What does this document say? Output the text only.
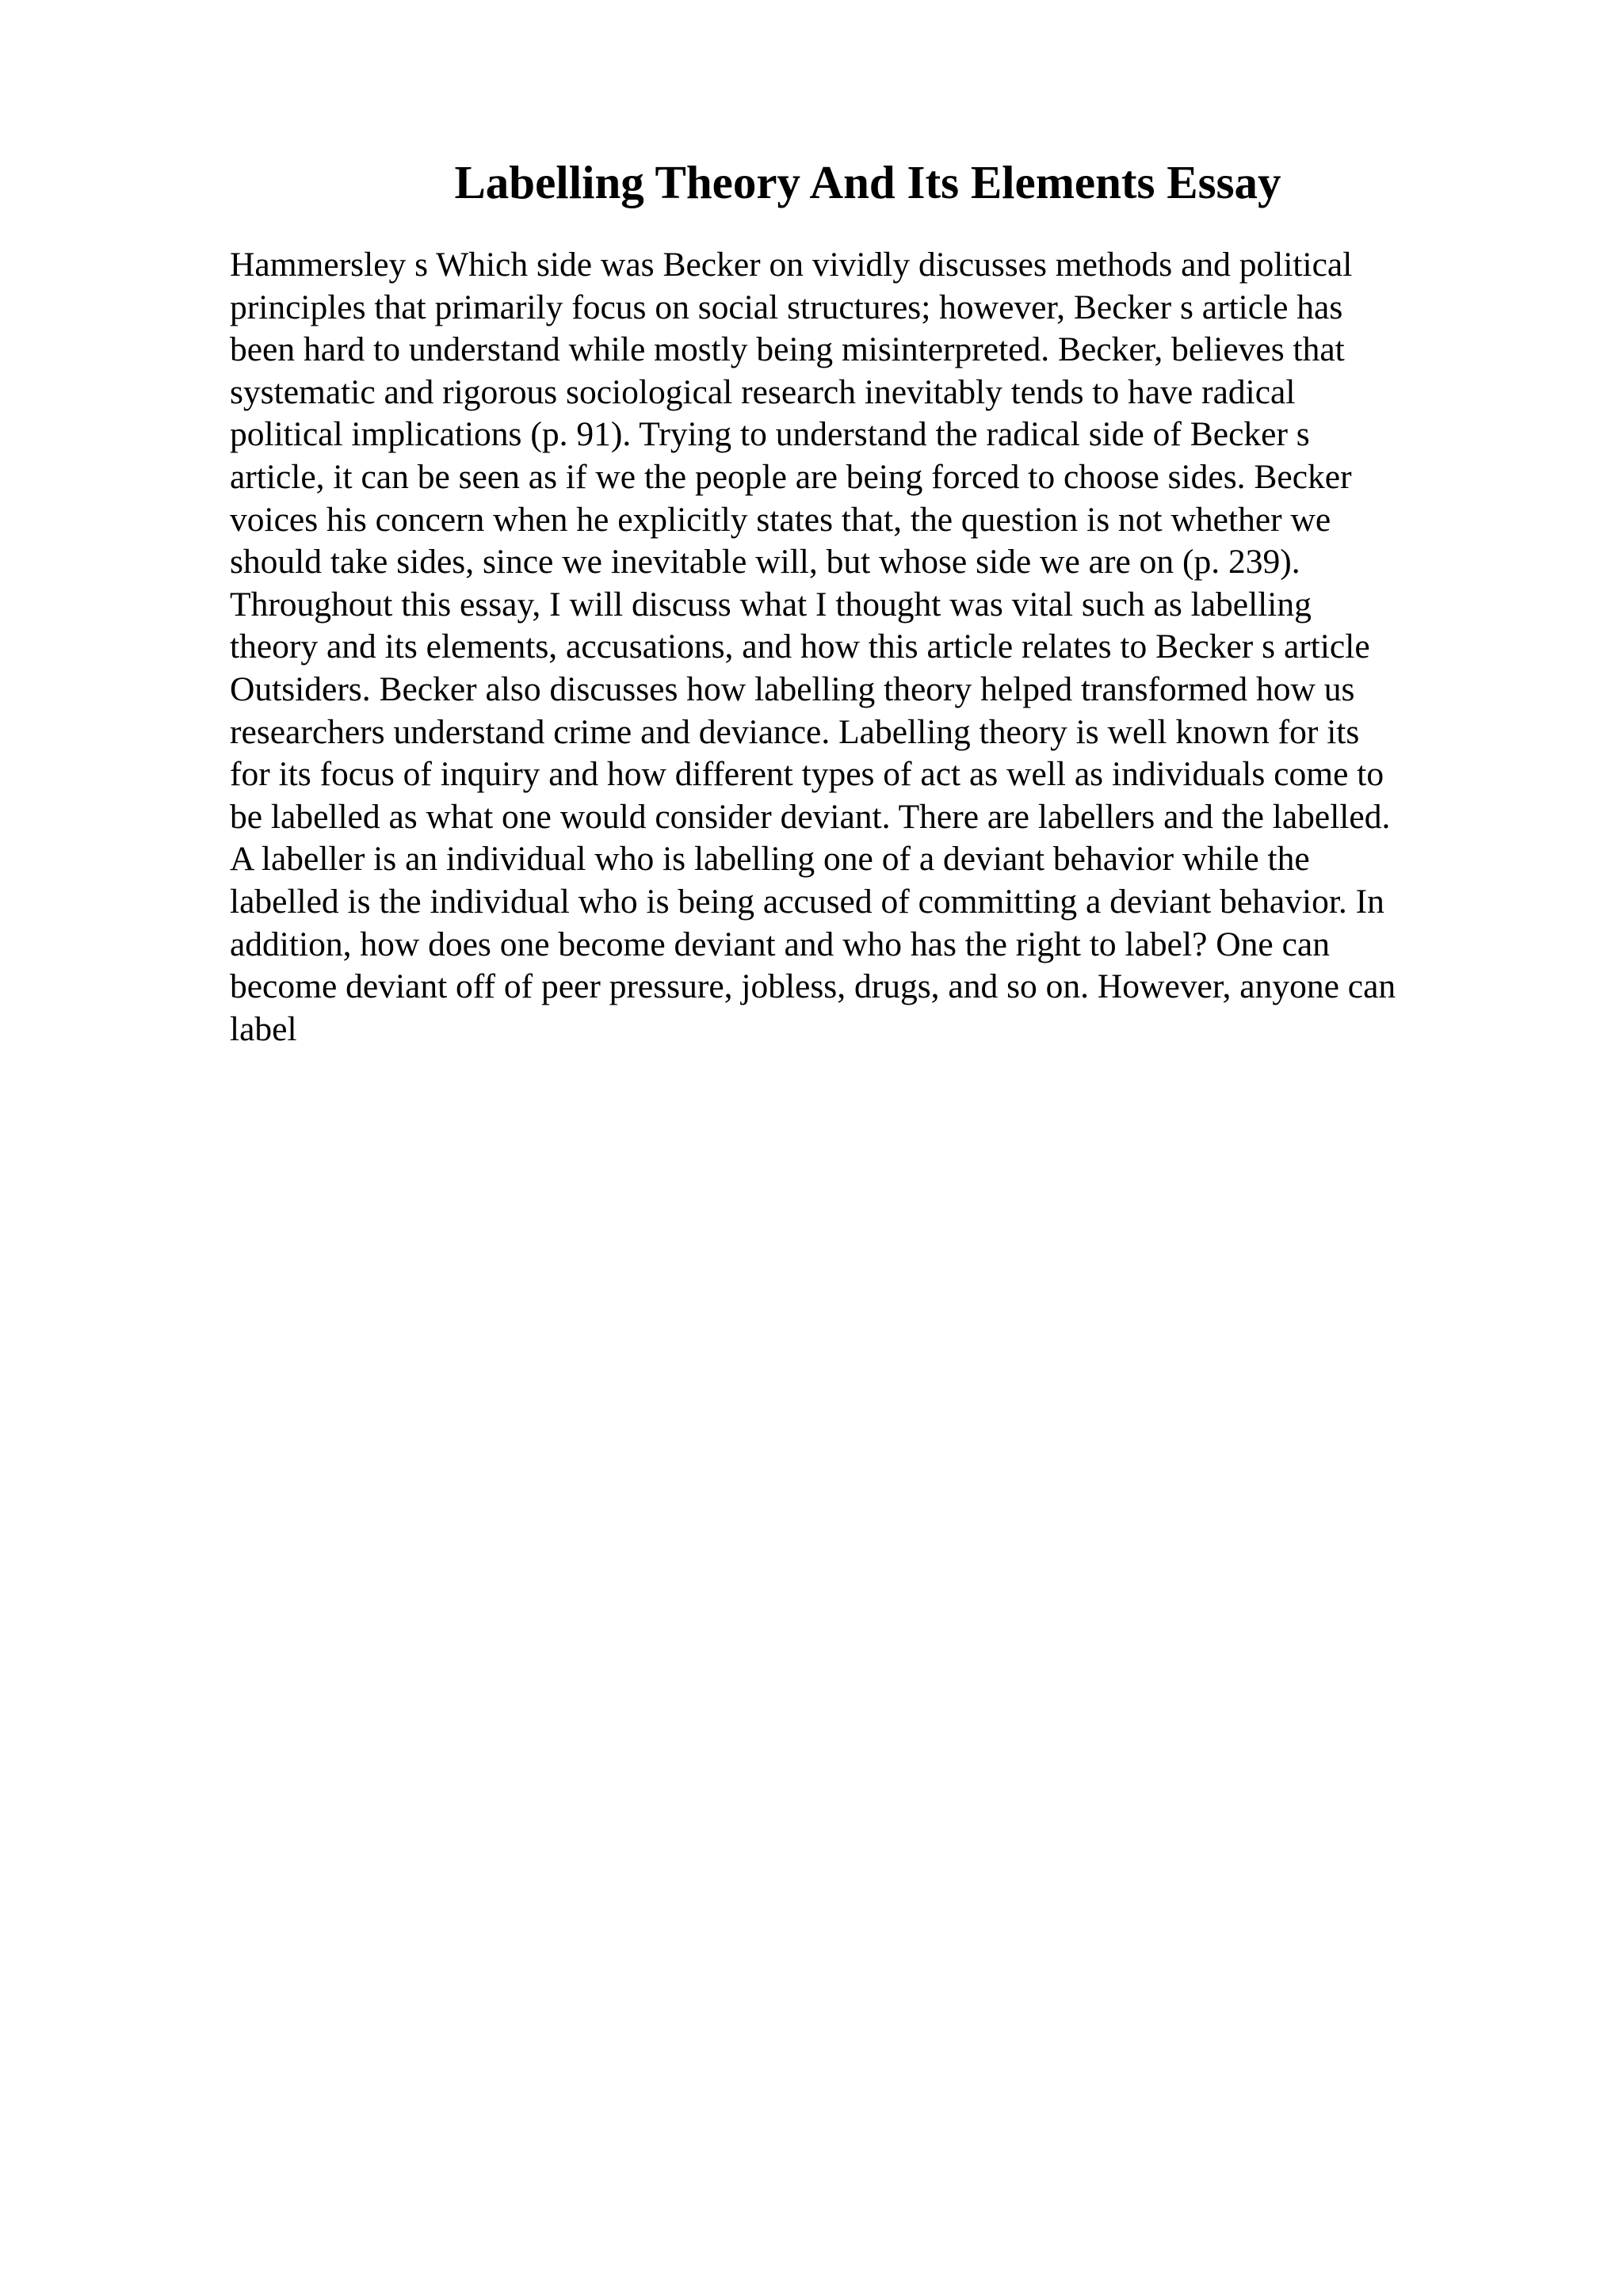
Labelling Theory And Its Elements Essay
Hammersley s Which side was Becker on vividly discusses methods and political
principles that primarily focus on social structures; however, Becker s article has
been hard to understand while mostly being misinterpreted. Becker, believes that
systematic and rigorous sociological research inevitably tends to have radical
political implications (p. 91). Trying to understand the radical side of Becker s
article, it can be seen as if we the people are being forced to choose sides. Becker
voices his concern when he explicitly states that, the question is not whether we
should take sides, since we inevitable will, but whose side we are on (p. 239).
Throughout this essay, I will discuss what I thought was vital such as labelling
theory and its elements, accusations, and how this article relates to Becker s article
Outsiders. Becker also discusses how labelling theory helped transformed how us
researchers understand crime and deviance. Labelling theory is well known for its
for its focus of inquiry and how different types of act as well as individuals come to
be labelled as what one would consider deviant. There are labellers and the labelled.
A labeller is an individual who is labelling one of a deviant behavior while the
labelled is the individual who is being accused of committing a deviant behavior. In
addition, how does one become deviant and who has the right to label? One can
become deviant off of peer pressure, jobless, drugs, and so on. However, anyone can
label
